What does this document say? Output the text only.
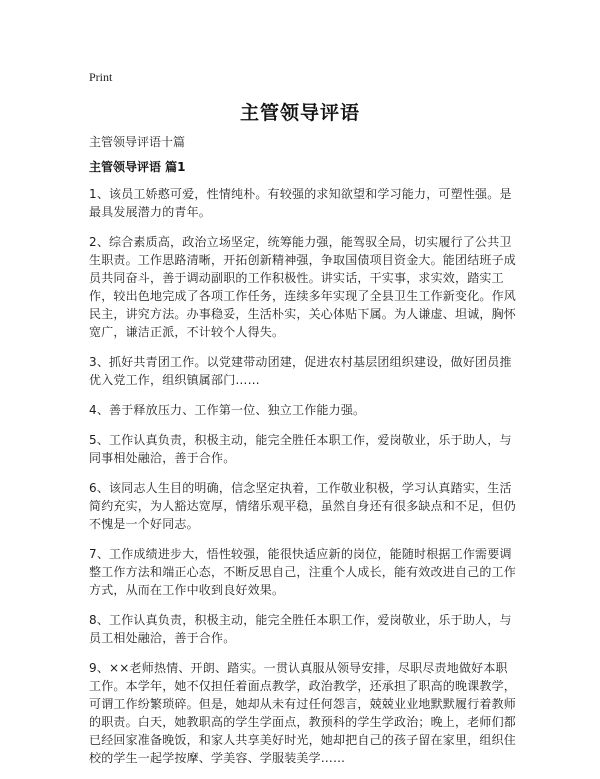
Print
主管领导评语
主管领导评语十篇
主管领导评语 篇1

1、该员工娇憨可爱，性情纯朴。有较强的求知欲望和学习能力，可塑性强。是最具发展潜力的青年。

2、综合素质高，政治立场坚定，统筹能力强，能驾驭全局，切实履行了公共卫生职责。工作思路清晰，开拓创新精神强，争取国债项目资金大。能团结班子成员共同奋斗，善于调动副职的工作积极性。讲实话，干实事，求实效，踏实工作，较出色地完成了各项工作任务，连续多年实现了全县卫生工作新变化。作风民主，讲究方法。办事稳妥，生活朴实，关心体贴下属。为人谦虚、坦诚，胸怀宽广，谦洁正派，不计较个人得失。

3、抓好共青团工作。以党建带动团建，促进农村基层团组织建设，做好团员推优入党工作，组织镇属部门……

4、善于释放压力、工作第一位、独立工作能力强。

5、工作认真负责，积极主动，能完全胜任本职工作，爱岗敬业，乐于助人，与同事相处融洽，善于合作。

6、该同志人生目的明确，信念坚定执着，工作敬业积极，学习认真踏实，生活简约充实，为人豁达宽厚，情绪乐观平稳，虽然自身还有很多缺点和不足，但仍不愧是一个好同志。

7、工作成绩进步大，悟性较强，能很快适应新的岗位，能随时根据工作需要调整工作方法和端正心态，不断反思自己，注重个人成长，能有效改进自己的工作方式，从而在工作中收到良好效果。

8、工作认真负责，积极主动，能完全胜任本职工作，爱岗敬业，乐于助人，与员工相处融洽，善于合作。

9、××老师热情、开朗、踏实。一贯认真服从领导安排，尽职尽责地做好本职工作。本学年，她不仅担任着面点教学，政治教学，还承担了职高的晚课教学，可谓工作纷繁琐碎。但是，她却从未有过任何怨言，兢兢业业地默默履行着教师的职责。白天，她教职高的学生学面点，教预科的学生学政治；晚上，老师们都已经回家准备晚饭，和家人共享美好时光，她却把自己的孩子留在家里，组织住校的学生一起学按摩、学美容、学服装美学……
